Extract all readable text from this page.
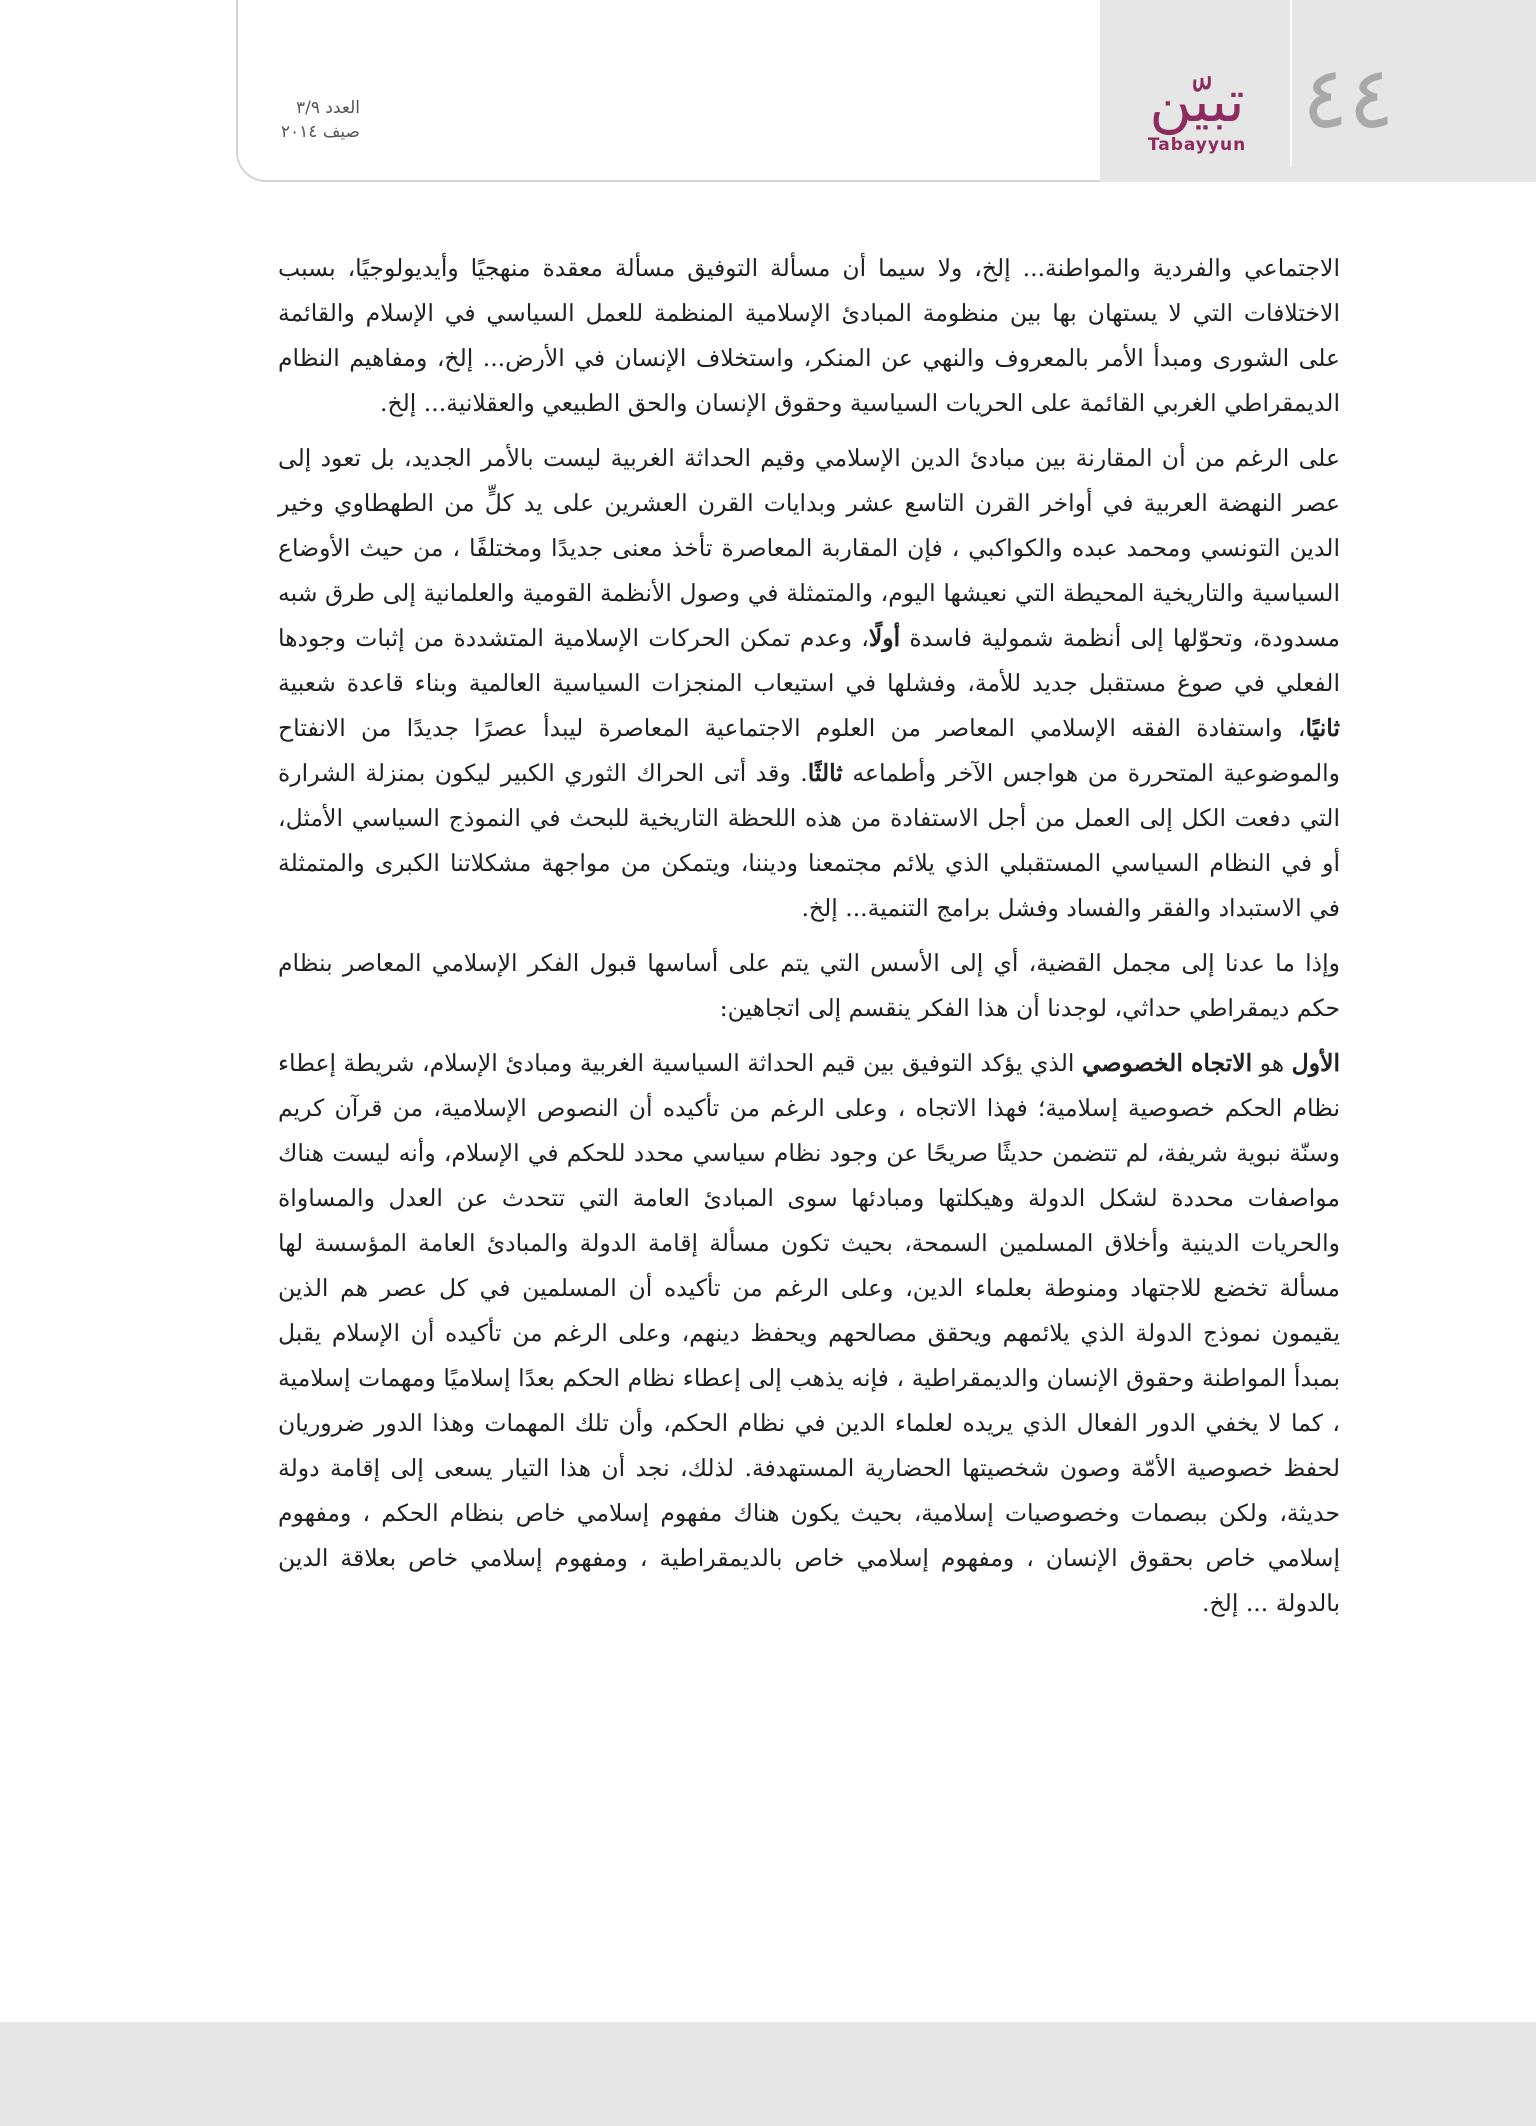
٤٤
تبيّن
Tabayyun
العدد ٣/٩
صيف ٢٠١٤

الاجتماعي والفردية والمواطنة... إلخ، ولا سيما أن مسألة التوفيق مسألة معقدة منهجيًا وأيديولوجيًا، بسبب الاختلافات التي لا يستهان بها بين منظومة المبادئ الإسلامية المنظمة للعمل السياسي في الإسلام والقائمة على الشورى ومبدأ الأمر بالمعروف والنهي عن المنكر، واستخلاف الإنسان في الأرض... إلخ، ومفاهيم النظام الديمقراطي الغربي القائمة على الحريات السياسية وحقوق الإنسان والحق الطبيعي والعقلانية... إلخ.

على الرغم من أن المقارنة بين مبادئ الدين الإسلامي وقيم الحداثة الغربية ليست بالأمر الجديد، بل تعود إلى عصر النهضة العربية في أواخر القرن التاسع عشر وبدايات القرن العشرين على يد كلٍّ من الطهطاوي وخير الدين التونسي ومحمد عبده والكواكبي ، فإن المقاربة المعاصرة تأخذ معنى جديدًا ومختلفًا ، من حيث الأوضاع السياسية والتاريخية المحيطة التي نعيشها اليوم، والمتمثلة في وصول الأنظمة القومية والعلمانية إلى طرق شبه مسدودة، وتحوّلها إلى أنظمة شمولية فاسدة أولًا، وعدم تمكن الحركات الإسلامية المتشددة من إثبات وجودها الفعلي في صوغ مستقبل جديد للأمة، وفشلها في استيعاب المنجزات السياسية العالمية وبناء قاعدة شعبية ثانيًا، واستفادة الفقه الإسلامي المعاصر من العلوم الاجتماعية المعاصرة ليبدأ عصرًا جديدًا من الانفتاح والموضوعية المتحررة من هواجس الآخر وأطماعه ثالثًا. وقد أتى الحراك الثوري الكبير ليكون بمنزلة الشرارة التي دفعت الكل إلى العمل من أجل الاستفادة من هذه اللحظة التاريخية للبحث في النموذج السياسي الأمثل، أو في النظام السياسي المستقبلي الذي يلائم مجتمعنا وديننا، ويتمكن من مواجهة مشكلاتنا الكبرى والمتمثلة في الاستبداد والفقر والفساد وفشل برامج التنمية... إلخ.

وإذا ما عدنا إلى مجمل القضية، أي إلى الأسس التي يتم على أساسها قبول الفكر الإسلامي المعاصر بنظام حكم ديمقراطي حداثي، لوجدنا أن هذا الفكر ينقسم إلى اتجاهين:

الأول هو الاتجاه الخصوصي الذي يؤكد التوفيق بين قيم الحداثة السياسية الغربية ومبادئ الإسلام، شريطة إعطاء نظام الحكم خصوصية إسلامية؛ فهذا الاتجاه ، وعلى الرغم من تأكيده أن النصوص الإسلامية، من قرآن كريم وسنّة نبوية شريفة، لم تتضمن حديثًا صريحًا عن وجود نظام سياسي محدد للحكم في الإسلام، وأنه ليست هناك مواصفات محددة لشكل الدولة وهيكلتها ومبادئها سوى المبادئ العامة التي تتحدث عن العدل والمساواة والحريات الدينية وأخلاق المسلمين السمحة، بحيث تكون مسألة إقامة الدولة والمبادئ العامة المؤسسة لها مسألة تخضع للاجتهاد ومنوطة بعلماء الدين، وعلى الرغم من تأكيده أن المسلمين في كل عصر هم الذين يقيمون نموذج الدولة الذي يلائمهم ويحقق مصالحهم ويحفظ دينهم، وعلى الرغم من تأكيده أن الإسلام يقبل بمبدأ المواطنة وحقوق الإنسان والديمقراطية ، فإنه يذهب إلى إعطاء نظام الحكم بعدًا إسلاميًا ومهمات إسلامية ، كما لا يخفي الدور الفعال الذي يريده لعلماء الدين في نظام الحكم، وأن تلك المهمات وهذا الدور ضروريان لحفظ خصوصية الأمّة وصون شخصيتها الحضارية المستهدفة. لذلك، نجد أن هذا التيار يسعى إلى إقامة دولة حديثة، ولكن ببصمات وخصوصيات إسلامية، بحيث يكون هناك مفهوم إسلامي خاص بنظام الحكم ، ومفهوم إسلامي خاص بحقوق الإنسان ، ومفهوم إسلامي خاص بالديمقراطية ، ومفهوم إسلامي خاص بعلاقة الدين بالدولة ... إلخ.
